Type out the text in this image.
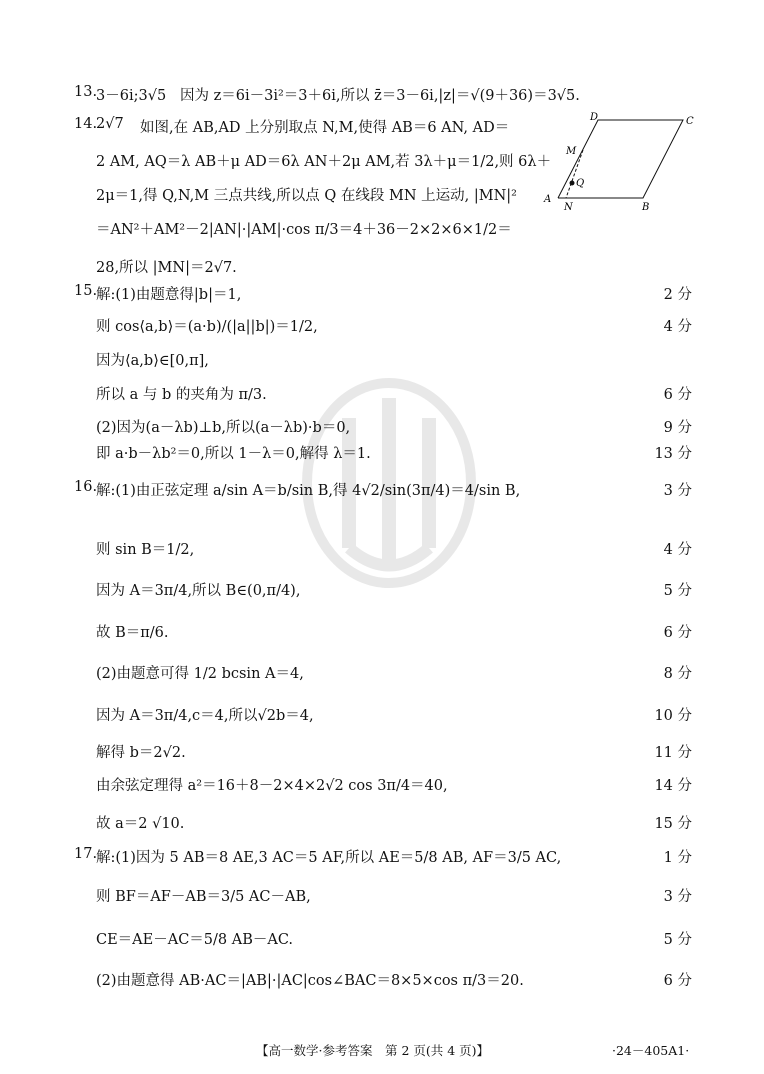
13.
3－6i;3√5 因为 z＝6i－3i²＝3＋6i,所以 z̄＝3－6i,|z|＝√(9＋36)＝3√5.
14.
2√7 如图,在 AB,AD 上分别取点 N,M,使得 AB＝6 AN, AD＝
2 AM, AQ＝λ AB＋μ AD＝6λ AN＋2μ AM,若 3λ＋μ＝1/2,则 6λ＋
2μ＝1,得 Q,N,M 三点共线,所以点 Q 在线段 MN 上运动, |MN|²
＝AN²＋AM²－2|AN|·|AM|·cos π/3＝4＋36－2×2×6×1/2＝
28,所以 |MN|＝2√7.
D	C
M
Q
A
N	B
15.
解:(1)由题意得|b|＝1,	2 分
则 cos⟨a,b⟩＝(a·b)/(|a||b|)＝1/2,	4 分
因为⟨a,b⟩∈[0,π],
所以 a 与 b 的夹角为 π/3.	6 分
(2)因为(a－λb)⊥b,所以(a－λb)·b＝0,	9 分
即 a·b－λb²＝0,所以 1－λ＝0,解得 λ＝1.	13 分
16.
解:(1)由正弦定理 a/sin A＝b/sin B,得 4√2/sin(3π/4)＝4/sin B,	3 分
则 sin B＝1/2,	4 分
因为 A＝3π/4,所以 B∈(0,π/4),	5 分
故 B＝π/6.	6 分
(2)由题意可得 1/2 bcsin A＝4,	8 分
因为 A＝3π/4,c＝4,所以√2b＝4,	10 分
解得 b＝2√2.	11 分
由余弦定理得 a²＝16＋8－2×4×2√2 cos 3π/4＝40,	14 分
故 a＝2 √10.	15 分
17.
解:(1)因为 5 AB＝8 AE,3 AC＝5 AF,所以 AE＝5/8 AB, AF＝3/5 AC,	1 分
则 BF＝AF－AB＝3/5 AC－AB,	3 分
CE＝AE－AC＝5/8 AB－AC.	5 分
(2)由题意得 AB·AC＝|AB|·|AC|cos∠BAC＝8×5×cos π/3＝20.	6 分
【高一数学·参考答案　第 2 页(共 4 页)】	·24－405A1·
